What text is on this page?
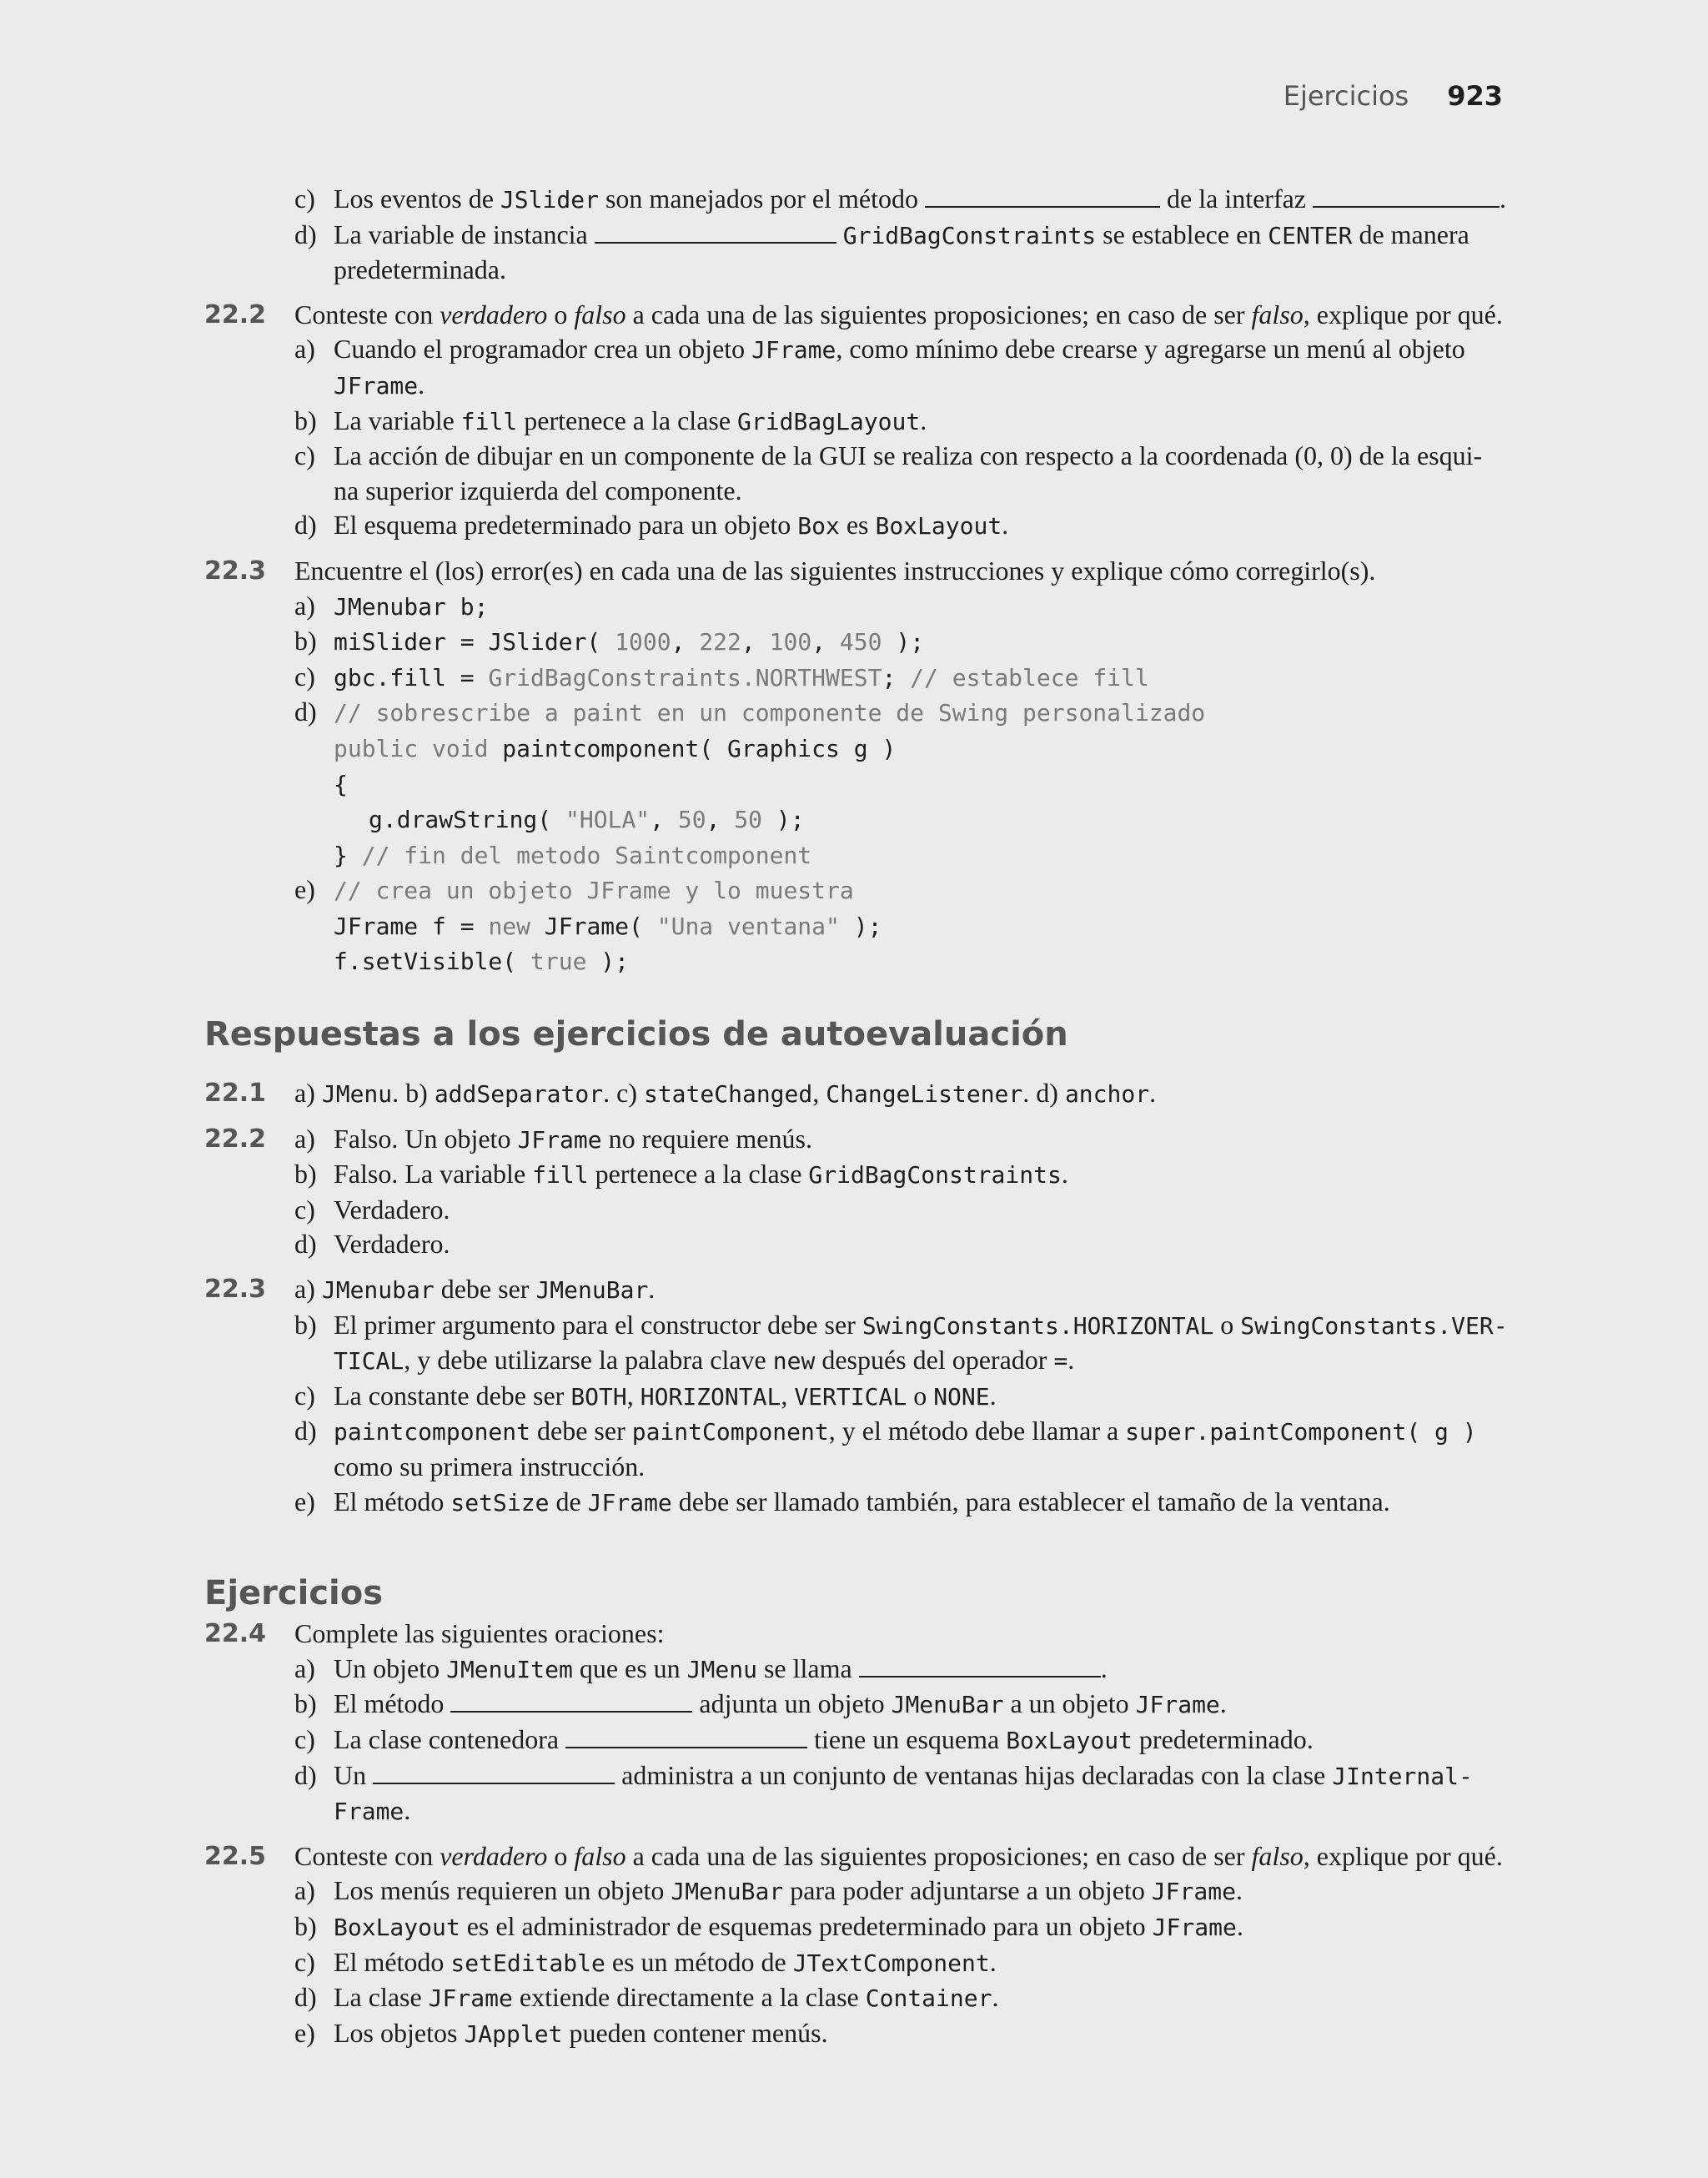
Ejercicios 923
c) Los eventos de JSlider son manejados por el método	de la interfaz	.
d) La variable de instancia	GridBagConstraints se establece en CENTER de manera
predeterminada.
22.2 Conteste con verdadero o falso a cada una de las siguientes proposiciones; en caso de ser falso, explique por qué.
a) Cuando el programador crea un objeto JFrame, como mínimo debe crearse y agregarse un menú al objeto
JFrame.
b) La variable fill pertenece a la clase GridBagLayout.
c) La acción de dibujar en un componente de la GUI se realiza con respecto a la coordenada (0, 0) de la esqui-
na superior izquierda del componente.
d) El esquema predeterminado para un objeto Box es BoxLayout.
22.3 Encuentre el (los) error(es) en cada una de las siguientes instrucciones y explique cómo corregirlo(s).
a) JMenubar b;
b) miSlider = JSlider( 1000, 222, 100, 450 );
c) gbc.fill = GridBagConstraints.NORTHWEST; // establece fill
d) // sobrescribe a paint en un componente de Swing personalizado
public void paintcomponent( Graphics g )
{
g.drawString( "HOLA", 50, 50 );
} // fin del metodo Saintcomponent
e) // crea un objeto JFrame y lo muestra
JFrame f = new JFrame( "Una ventana" );
f.setVisible( true );
Respuestas a los ejercicios de autoevaluación
22.1 a) JMenu. b) addSeparator. c) stateChanged, ChangeListener. d) anchor.
22.2 a) Falso. Un objeto JFrame no requiere menús.
b) Falso. La variable fill pertenece a la clase GridBagConstraints.
c) Verdadero.
d) Verdadero.
22.3 a) JMenubar debe ser JMenuBar.
b) El primer argumento para el constructor debe ser SwingConstants.HORIZONTAL o SwingConstants.VER-
TICAL, y debe utilizarse la palabra clave new después del operador =.
c) La constante debe ser BOTH, HORIZONTAL, VERTICAL o NONE.
d) paintcomponent debe ser paintComponent, y el método debe llamar a super.paintComponent( g )
como su primera instrucción.
e) El método setSize de JFrame debe ser llamado también, para establecer el tamaño de la ventana.
Ejercicios
22.4 Complete las siguientes oraciones:
a) Un objeto JMenuItem que es un JMenu se llama	.
b) El método	adjunta un objeto JMenuBar a un objeto JFrame.
c) La clase contenedora	tiene un esquema BoxLayout predeterminado.
d) Un	administra a un conjunto de ventanas hijas declaradas con la clase JInternal-
Frame.
22.5 Conteste con verdadero o falso a cada una de las siguientes proposiciones; en caso de ser falso, explique por qué.
a) Los menús requieren un objeto JMenuBar para poder adjuntarse a un objeto JFrame.
b) BoxLayout es el administrador de esquemas predeterminado para un objeto JFrame.
c) El método setEditable es un método de JTextComponent.
d) La clase JFrame extiende directamente a la clase Container.
e) Los objetos JApplet pueden contener menús.
